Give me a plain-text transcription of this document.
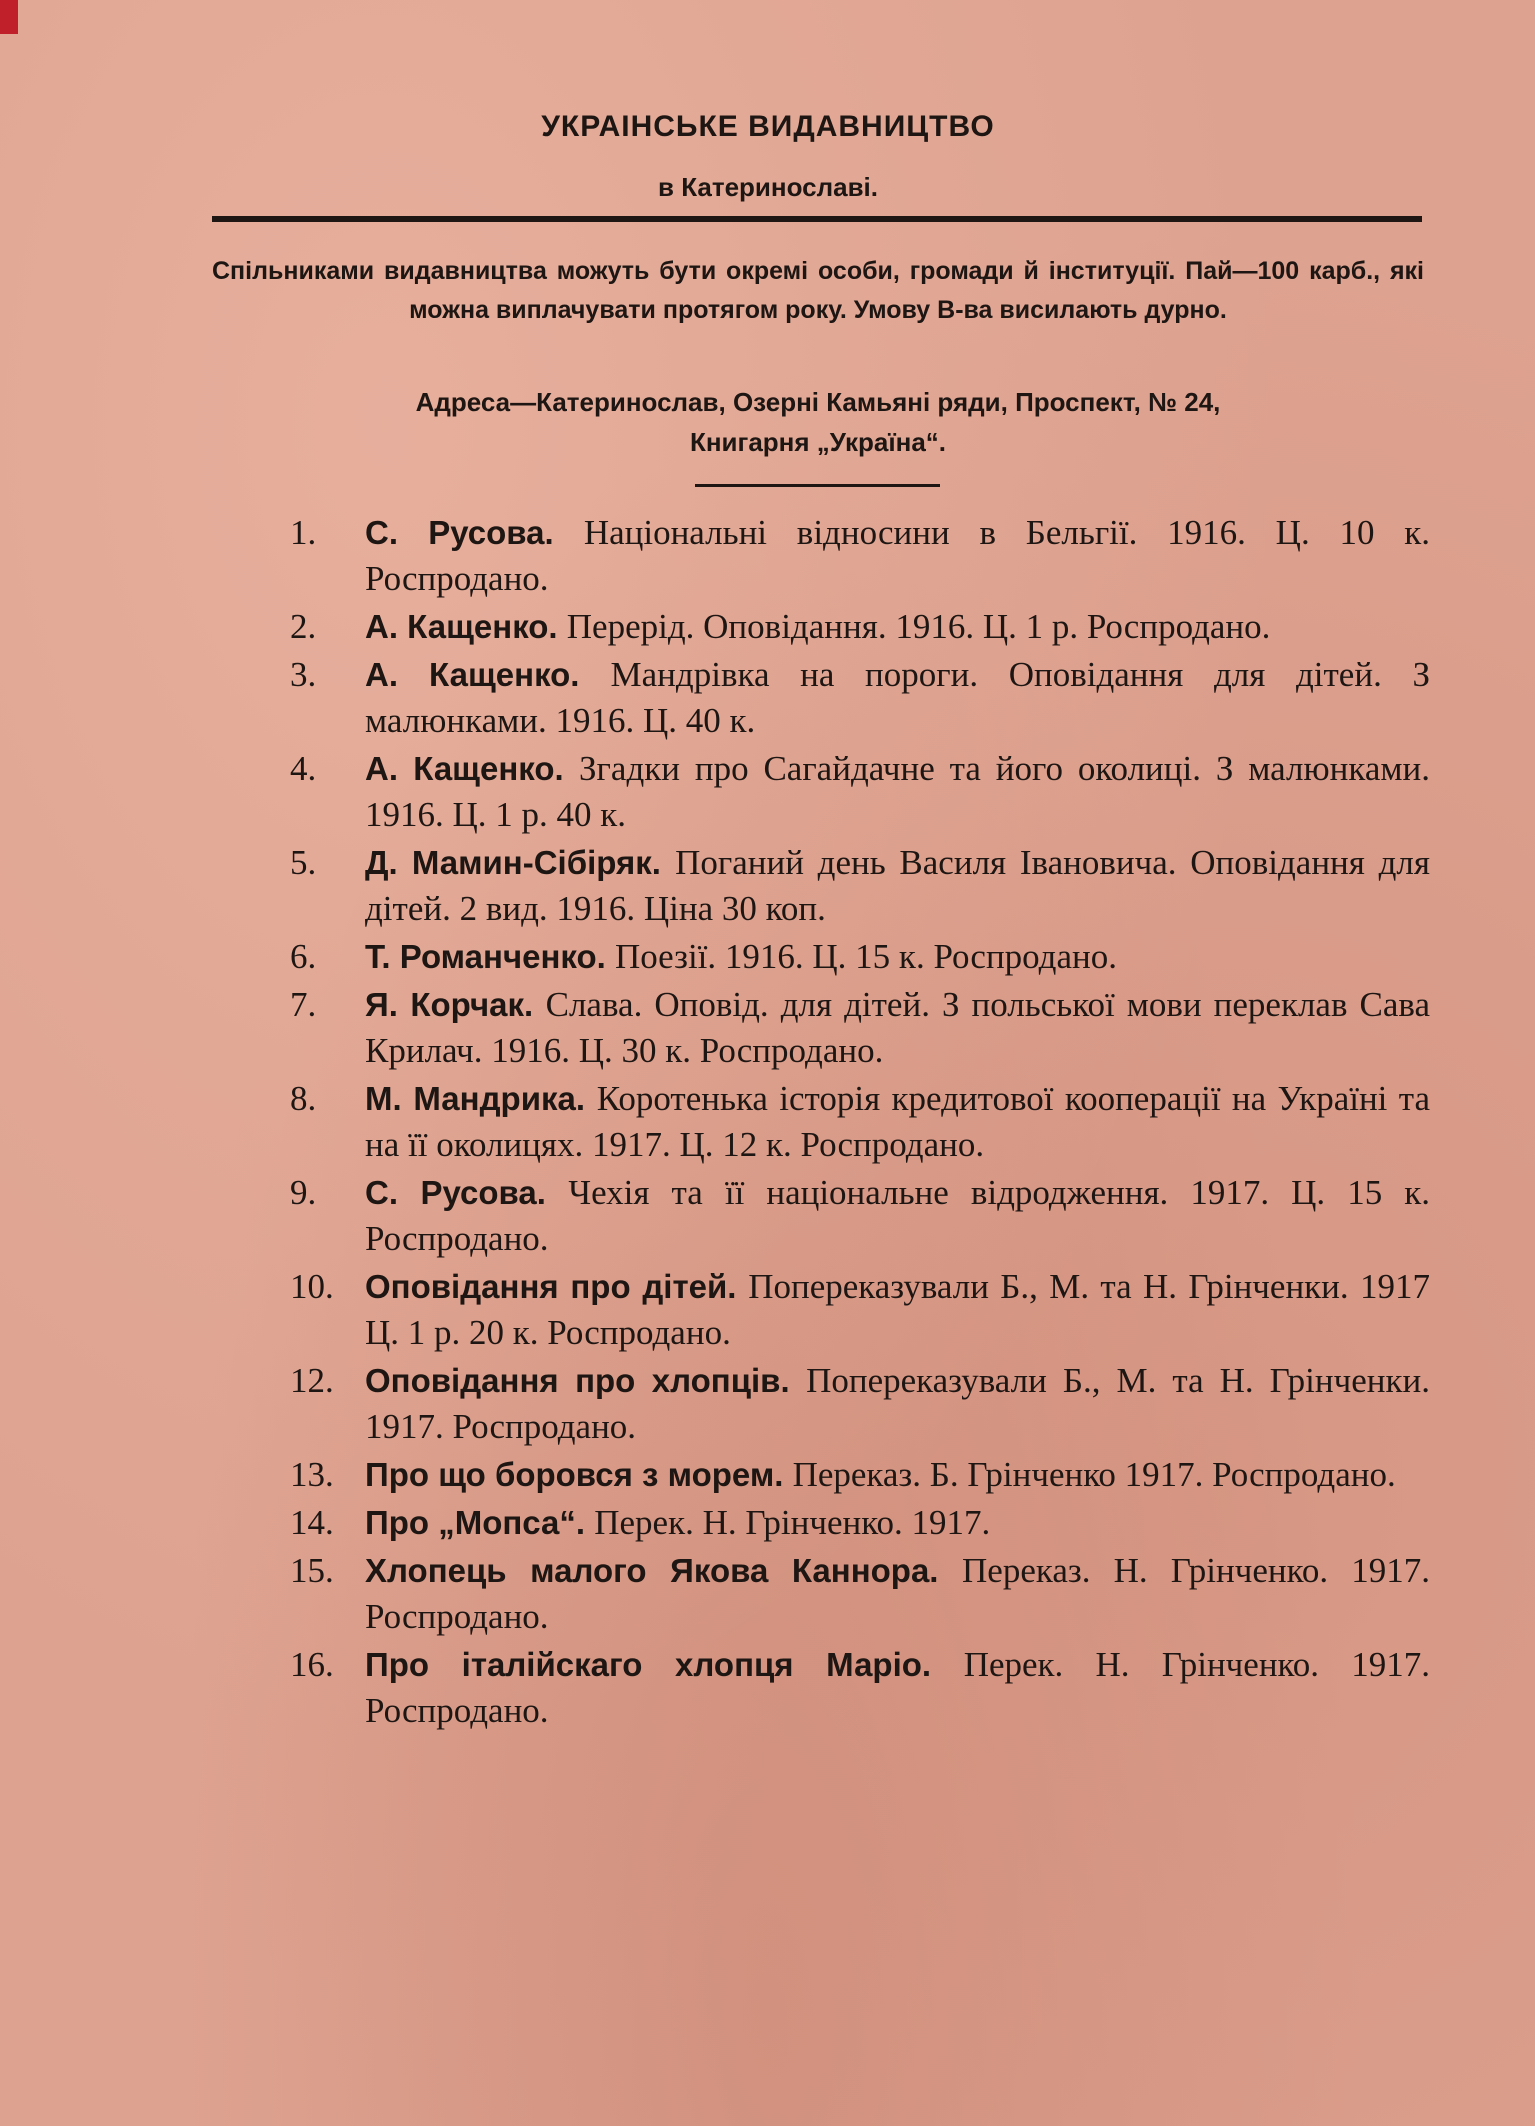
УКРАІНСЬКЕ ВИДАВНИЦТВО
в Катеринославі.
Спільниками видавництва можуть бути окремі особи, громади й інституції. Пай—100 карб., які можна виплачувати протягом року. Умову В-ва висилають дурно.
Адреса—Катеринослав, Озерні Камьяні ряди, Проспект, № 24,
Книгарня „Україна“.
1.	С. Русова. Національні відносини в Бельгії. 1916. Ц. 10 к. Роспродано.
2.	А. Кащенко. Перерід. Оповідання. 1916. Ц. 1 р. Роспродано.
3.	А. Кащенко. Мандрівка на пороги. Оповідання для дітей. З малюнками. 1916. Ц. 40 к.
4.	А. Кащенко. Згадки про Сагайдачне та його околиці. З малюнками. 1916. Ц. 1 р. 40 к.
5.	Д. Мамин-Сібіряк. Поганий день Василя Івановича. Оповідання для дітей. 2 вид. 1916. Ціна 30 коп.
6.	Т. Романченко. Поезії. 1916. Ц. 15 к. Роспродано.
7.	Я. Корчак. Слава. Оповід. для дітей. З польської мови переклав Сава Крилач. 1916. Ц. 30 к. Роспродано.
8.	М. Мандрика. Коротенька історія кредитової кооперації на Україні та на її околицях. 1917. Ц. 12 к. Роспродано.
9.	С. Русова. Чехія та її національне відродження. 1917. Ц. 15 к. Роспродано.
10. Оповідання про дітей. Попереказували Б., М. та Н. Грінченки. 1917 Ц. 1 р. 20 к. Роспродано.
12. Оповідання про хлопців. Попереказували Б., М. та Н. Грінченки. 1917. Роспродано.
13. Про що боровся з морем. Переказ. Б. Грінченко 1917. Роспродано.
14. Про „Мопса“. Перек. Н. Грінченко. 1917.
15. Хлопець малого Якова Каннора. Переказ. Н. Грінченко. 1917. Роспродано.
16. Про італійскаго хлопця Маріо. Перек. Н. Грінченко. 1917. Роспродано.
